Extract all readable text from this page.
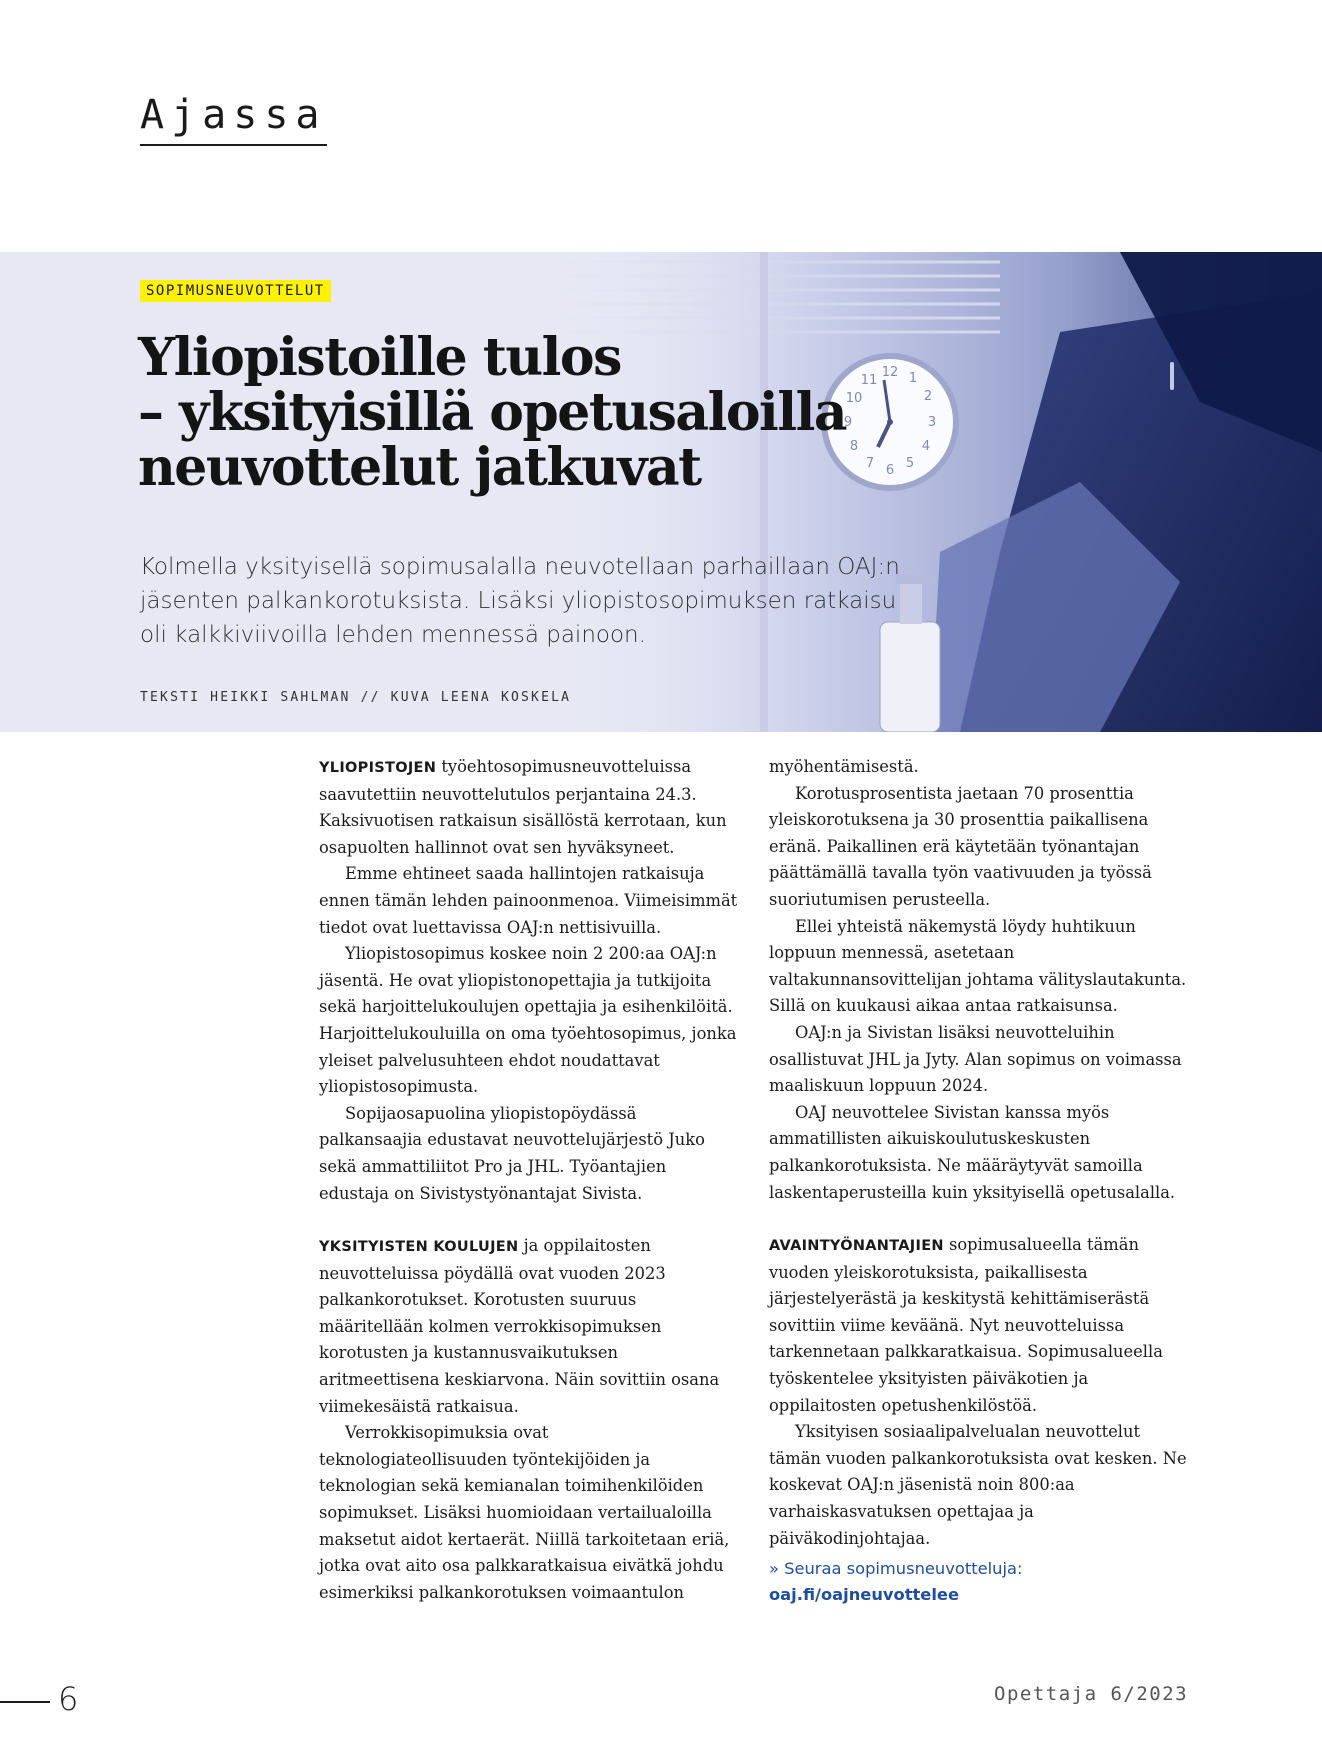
Ajassa
SOPIMUSNEUVOTTELUT
Yliopistoille tulos
– yksityisillä opetusaloilla
neuvottelut jatkuvat

Kolmella yksityisellä sopimusalalla neuvotellaan parhaillaan OAJ:n jäsenten palkankorotuksista. Lisäksi yliopistosopimuksen ratkaisu oli kalkkiviivoilla lehden mennessä painoon.

TEKSTI HEIKKI SAHLMAN // KUVA LEENA KOSKELA

YLIOPISTOJEN työehtosopimusneuvotteluissa saavutettiin neuvottelutulos perjantaina 24.3. Kaksivuotisen ratkaisun sisällöstä kerrotaan, kun osapuolten hallinnot ovat sen hyväksyneet.

Emme ehtineet saada hallintojen ratkaisuja ennen tämän lehden painoonmenoa. Viimeisimmät tiedot ovat luettavissa OAJ:n nettisivuilla.

Yliopistosopimus koskee noin 2 200:aa OAJ:n jäsentä. He ovat yliopistonopettajia ja tutkijoita sekä harjoittelukoulujen opettajia ja esihenkilöitä. Harjoittelukouluilla on oma työehtosopimus, jonka yleiset palvelusuhteen ehdot noudattavat yliopistosopimusta.

Sopijaosapuolina yliopistopöydässä palkansaajia edustavat neuvottelujärjestö Juko sekä ammattiliitot Pro ja JHL. Työantajien edustaja on Sivistystyönantajat Sivista.

YKSITYISTEN KOULUJEN ja oppilaitosten neuvotteluissa pöydällä ovat vuoden 2023 palkankorotukset. Korotusten suuruus määritellään kolmen verrokkisopimuksen korotusten ja kustannusvaikutuksen aritmeettisena keskiarvona. Näin sovittiin osana viimekesäistä ratkaisua.

Verrokkisopimuksia ovat teknologiateollisuuden työntekijöiden ja teknologian sekä kemianalan toimihenkilöiden sopimukset. Lisäksi huomioidaan vertailualoilla maksetut aidot kertaerät. Niillä tarkoitetaan eriä, jotka ovat aito osa palkkaratkaisua eivätkä johdu esimerkiksi palkankorotuksen voimaantulon

myöhentämisestä.

Korotusprosentista jaetaan 70 prosenttia yleiskorotuksena ja 30 prosenttia paikallisena eränä. Paikallinen erä käytetään työnantajan päättämällä tavalla työn vaativuuden ja työssä suoriutumisen perusteella.

Ellei yhteistä näkemystä löydy huhtikuun loppuun mennessä, asetetaan valtakunnansovittelijan johtama välityslautakunta. Sillä on kuukausi aikaa antaa ratkaisunsa.

OAJ:n ja Sivistan lisäksi neuvotteluihin osallistuvat JHL ja Jyty. Alan sopimus on voimassa maaliskuun loppuun 2024.

OAJ neuvottelee Sivistan kanssa myös ammatillisten aikuiskoulutuskeskusten palkankorotuksista. Ne määräytyvät samoilla laskentaperusteilla kuin yksityisellä opetusalalla.

AVAINTYÖNANTAJIEN sopimusalueella tämän vuoden yleiskorotuksista, paikallisesta järjestelyerästä ja keskitystä kehittämiserästä sovittiin viime keväänä. Nyt neuvotteluissa tarkennetaan palkkaratkaisua. Sopimusalueella työskentelee yksityisten päiväkotien ja oppilaitosten opetushenkilöstöä.

Yksityisen sosiaalipalvelualan neuvottelut tämän vuoden palkankorotuksista ovat kesken. Ne koskevat OAJ:n jäsenistä noin 800:aa varhaiskasvatuksen opettajaa ja päiväkodinjohtajaa.

» Seuraa sopimusneuvotteluja: oaj.fi/oajneuvottelee

6	Opettaja 6/2023
